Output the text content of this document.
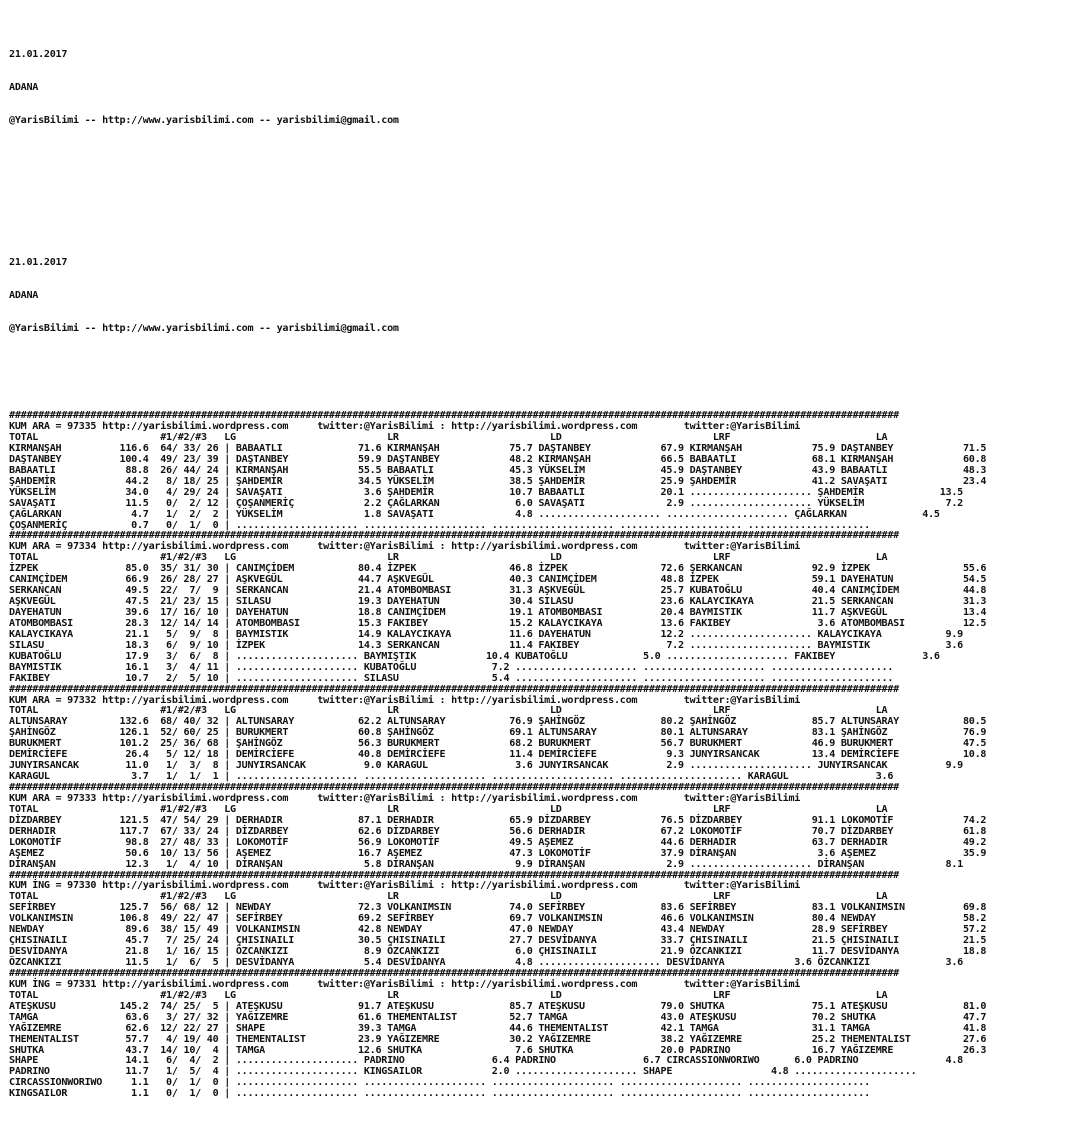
21.01.2017

ADANA

@YarisBilimi -- http://www.yarisbilimi.com -- yarisbilimi@gmail.com

21.01.2017

ADANA

@YarisBilimi -- http://www.yarisbilimi.com -- yarisbilimi@gmail.com

#########################################################################################################################################################
KUM ARA = 97335 http://yarisbilimi.wordpress.com     twitter:@YarisBilimi : http://yarisbilimi.wordpress.com        twitter:@YarisBilimi
TOTAL                     #1/#2/#3   LG                          LR                          LD                          LRF                         LA
KIRMANŞAH          116.6  64/ 33/ 26 | BABAATLI             71.6 KIRMANŞAH            75.7 DAŞTANBEY            67.9 KIRMANŞAH            75.9 DAŞTANBEY            71.5
DAŞTANBEY          100.4  49/ 23/ 39 | DAŞTANBEY            59.9 DAŞTANBEY            48.2 KIRMANŞAH            66.5 BABAATLI             68.1 KIRMANŞAH            60.8
BABAATLI            88.8  26/ 44/ 24 | KIRMANŞAH            55.5 BABAATLI             45.3 YÜKSELİM             45.9 DAŞTANBEY            43.9 BABAATLI             48.3
ŞAHDEMİR            44.2   8/ 18/ 25 | ŞAHDEMİR             34.5 YÜKSELİM             38.5 ŞAHDEMİR             25.9 ŞAHDEMİR             41.2 SAVAŞATI             23.4
YÜKSELİM            34.0   4/ 29/ 24 | SAVAŞATI              3.6 ŞAHDEMİR             10.7 BABAATLI             20.1 ..................... ŞAHDEMİR             13.5
SAVAŞATI            11.5   0/  2/ 12 | ÇOŞANMERİÇ            2.2 ÇAĞLARKAN             6.0 SAVAŞATI              2.9 ..................... YÜKSELİM              7.2
ÇAĞLARKAN            4.7   1/  2/  2 | YÜKSELİM              1.8 SAVAŞATI              4.8 ..................... ..................... ÇAĞLARKAN             4.5
ÇOŞANMERİÇ           0.7   0/  1/  0 | ..................... ..................... ..................... ..................... .....................
#########################################################################################################################################################
KUM ARA = 97334 http://yarisbilimi.wordpress.com     twitter:@YarisBilimi : http://yarisbilimi.wordpress.com        twitter:@YarisBilimi
TOTAL                     #1/#2/#3   LG                          LR                          LD                          LRF                         LA
İZPEK               85.0  35/ 31/ 30 | CANIMÇİDEM           80.4 İZPEK                46.8 İZPEK                72.6 ŞERKANCAN            92.9 İZPEK                55.6
CANIMÇİDEM          66.9  26/ 28/ 27 | AŞKVEGÜL             44.7 AŞKVEGÜL             40.3 CANIMÇİDEM           48.8 İZPEK                59.1 DAYEHATUN            54.5
SERKANCAN           49.5  22/  7/  9 | SERKANCAN            21.4 ATOMBOMBASI          31.3 AŞKVEGÜL             25.7 KUBATOĞLU            40.4 CANIMÇİDEM           44.8
AŞKVEGÜL            47.5  21/ 23/ 15 | SILASU               19.3 DAYEHATUN            30.4 SILASU               23.6 KALAYCIKAYA          21.5 SERKANCAN            31.3
DAYEHATUN           39.6  17/ 16/ 10 | DAYEHATUN            18.8 CANIMÇİDEM           19.1 ATOMBOMBASI          20.4 BAYMISTIK            11.7 AŞKVEGÜL             13.4
ATOMBOMBASI         28.3  12/ 14/ 14 | ATOMBOMBASI          15.3 FAKIBEY              15.2 KALAYCIKAYA          13.6 FAKIBEY               3.6 ATOMBOMBASI          12.5
KALAYCIKAYA         21.1   5/  9/  8 | BAYMISTIK            14.9 KALAYCIKAYA          11.6 DAYEHATUN            12.2 ..................... KALAYCIKAYA           9.9
SILASU              18.3   6/  9/ 10 | İZPEK                14.3 SERKANCAN            11.4 FAKIBEY               7.2 ..................... BAYMISTIK             3.6
KUBATOĞLU           17.9   3/  6/  8 | ..................... BAYMIŞTIK            10.4 KUBATOĞLU             5.0 ..................... FAKIBEY               3.6
BAYMISTIK           16.1   3/  4/ 11 | ..................... KUBATOĞLU             7.2 ..................... ..................... .....................
FAKIBEY             10.7   2/  5/ 10 | ..................... SILASU                5.4 ..................... ..................... .....................
#########################################################################################################################################################
KUM ARA = 97332 http://yarisbilimi.wordpress.com     twitter:@YarisBilimi : http://yarisbilimi.wordpress.com        twitter:@YarisBilimi
TOTAL                     #1/#2/#3   LG                          LR                          LD                          LRF                         LA
ALTUNSARAY         132.6  68/ 40/ 32 | ALTUNSARAY           62.2 ALTUNSARAY           76.9 ŞAHİNGÖZ             80.2 ŞAHİNGÖZ             85.7 ALTUNSARAY           80.5
ŞAHİNGÖZ           126.1  52/ 60/ 25 | BURUKMERT            60.8 ŞAHİNGÖZ             69.1 ALTUNSARAY           80.1 ALTUNSARAY           83.1 ŞAHİNGÖZ             76.9
BURUKMERT          101.2  25/ 36/ 68 | ŞAHİNGÖZ             56.3 BURUKMERT            68.2 BURUKMERT            56.7 BURUKMERT            46.9 BURUKMERT            47.5
DEMİRCİEFE          26.4   5/ 12/ 18 | DEMİRCİEFE           40.8 DEMİRCİEFE           11.4 DEMİRCİEFE            9.3 JUNYIRSANCAK         13.4 DEMİRCİEFE           10.8
JUNYIRSANCAK        11.0   1/  3/  8 | JUNYIRSANCAK          9.0 KARAGUL               3.6 JUNYIRSANCAK          2.9 ..................... JUNYIRSANCAK          9.9
KARAGUL              3.7   1/  1/  1 | ..................... ..................... ..................... ..................... KARAGUL               3.6
#########################################################################################################################################################
KUM ARA = 97333 http://yarisbilimi.wordpress.com     twitter:@YarisBilimi : http://yarisbilimi.wordpress.com        twitter:@YarisBilimi
TOTAL                     #1/#2/#3   LG                          LR                          LD                          LRF                         LA
DİZDARBEY          121.5  47/ 54/ 29 | DERHADIR             87.1 DERHADIR             65.9 DİZDARBEY            76.5 DİZDARBEY            91.1 LOKOMOTİF            74.2
DERHADIR           117.7  67/ 33/ 24 | DİZDARBEY            62.6 DİZDARBEY            56.6 DERHADIR             67.2 LOKOMOTİF            70.7 DİZDARBEY            61.8
LOKOMOTİF           98.8  27/ 48/ 33 | LOKOMOTİF            56.9 LOKOMOTİF            49.5 AŞEMEZ               44.6 DERHADIR             63.7 DERHADIR             49.2
AŞEMEZ              50.6  10/ 13/ 56 | AŞEMEZ               16.7 AŞEMEZ               47.3 LOKOMOTİF            37.9 DİRANŞAN              3.6 AŞEMEZ               35.9
DİRANŞAN            12.3   1/  4/ 10 | DİRANŞAN              5.8 DİRANŞAN              9.9 DİRANŞAN              2.9 ..................... DİRANŞAN              8.1
#########################################################################################################################################################
KUM İNG = 97330 http://yarisbilimi.wordpress.com     twitter:@YarisBilimi : http://yarisbilimi.wordpress.com        twitter:@YarisBilimi
TOTAL                     #1/#2/#3   LG                          LR                          LD                          LRF                         LA
SEFİRBEY           125.7  56/ 68/ 12 | NEWDAY               72.3 VOLKANIMSIN          74.0 SEFİRBEY             83.6 SEFİRBEY             83.1 VOLKANIMSIN          69.8
VOLKANIMSIN        106.8  49/ 22/ 47 | SEFİRBEY             69.2 SEFİRBEY             69.7 VOLKANIMSIN          46.6 VOLKANIMSIN          80.4 NEWDAY               58.2
NEWDAY              89.6  38/ 15/ 49 | VOLKANIMSIN          42.8 NEWDAY               47.0 NEWDAY               43.4 NEWDAY               28.9 SEFİRBEY             57.2
ÇHISINAILI          45.7   7/ 25/ 24 | ÇHISINAILI           30.5 ÇHISINAILI           27.7 DESVİDANYA           33.7 ÇHISINAILI           21.5 ÇHISINAILI           21.5
DESVİDANYA          21.8   1/ 16/ 15 | ÖZCANKIZI             8.9 ÖZCANKIZI             6.0 ÇHISINAILI           21.9 ÖZCANKIZI            11.7 DESVİDANYA           18.8
ÖZCANKIZI           11.5   1/  6/  5 | DESVİDANYA            5.4 DESVİDANYA            4.8 ..................... DESVİDANYA            3.6 ÖZCANKIZI             3.6
#########################################################################################################################################################
KUM İNG = 97331 http://yarisbilimi.wordpress.com     twitter:@YarisBilimi : http://yarisbilimi.wordpress.com        twitter:@YarisBilimi
TOTAL                     #1/#2/#3   LG                          LR                          LD                          LRF                         LA
ATEŞKUSU           145.2  74/ 25/  5 | ATEŞKUSU             91.7 ATEŞKUSU             85.7 ATEŞKUSU             79.0 SHUTKA               75.1 ATEŞKUSU             81.0
TAMGA               63.6   3/ 27/ 32 | YAĞIZEMRE            61.6 THEMENTALIST         52.7 TAMGA                43.0 ATEŞKUSU             70.2 SHUTKA               47.7
YAĞIZEMRE           62.6  12/ 22/ 27 | SHAPE                39.3 TAMGA                44.6 THEMENTALIST         42.1 TAMGA                31.1 TAMGA                41.8
THEMENTALIST        57.7   4/ 19/ 40 | THEMENTALIST         23.9 YAĞIZEMRE            30.2 YAĞIZEMRE            38.2 YAĞIZEMRE            25.2 THEMENTALIST         27.6
SHUTKA              43.7  14/ 10/  4 | TAMGA                12.6 SHUTKA                7.6 SHUTKA               20.0 PADRINO              16.7 YAĞIZEMRE            26.3
SHAPE               14.1   6/  4/  2 | ..................... PADRINO               6.4 PADRINO               6.7 CIRCASSIONWORIWO      6.0 PADRINO               4.8
PADRINO             11.7   1/  5/  4 | ..................... KINGSAILOR            2.0 ..................... SHAPE                 4.8 .....................
CIRCASSIONWORIWO     1.1   0/  1/  0 | ..................... ..................... ..................... ..................... .....................
KINGSAILOR           1.1   0/  1/  0 | ..................... ..................... ..................... ..................... .....................
